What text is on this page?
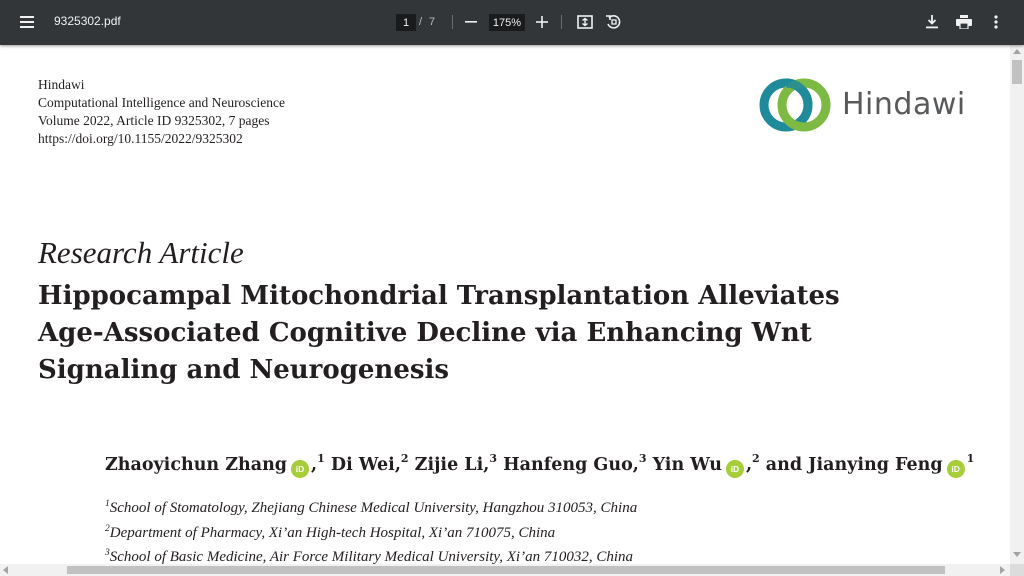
9325302.pdf	1 / 7	175%
Hindawi
Computational Intelligence and Neuroscience
Volume 2022, Article ID 9325302, 7 pages
https://doi.org/10.1155/2022/9325302
Hindawi
Research Article
Hippocampal Mitochondrial Transplantation Alleviates
Age-Associated Cognitive Decline via Enhancing Wnt
Signaling and Neurogenesis
Zhaoyichun Zhang iD ,$^1$ Di Wei,$^2$ Zijie Li,$^3$ Hanfeng Guo,$^3$ Yin Wu iD ,$^2$ and Jianying Feng $iD^1$
$^1$School of Stomatology, Zhejiang Chinese Medical University, Hangzhou 310053, China
$^2$Department of Pharmacy, Xi’an High-tech Hospital, Xi’an 710075, China
$^3$School of Basic Medicine, Air Force Military Medical University, Xi’an 710032, China
